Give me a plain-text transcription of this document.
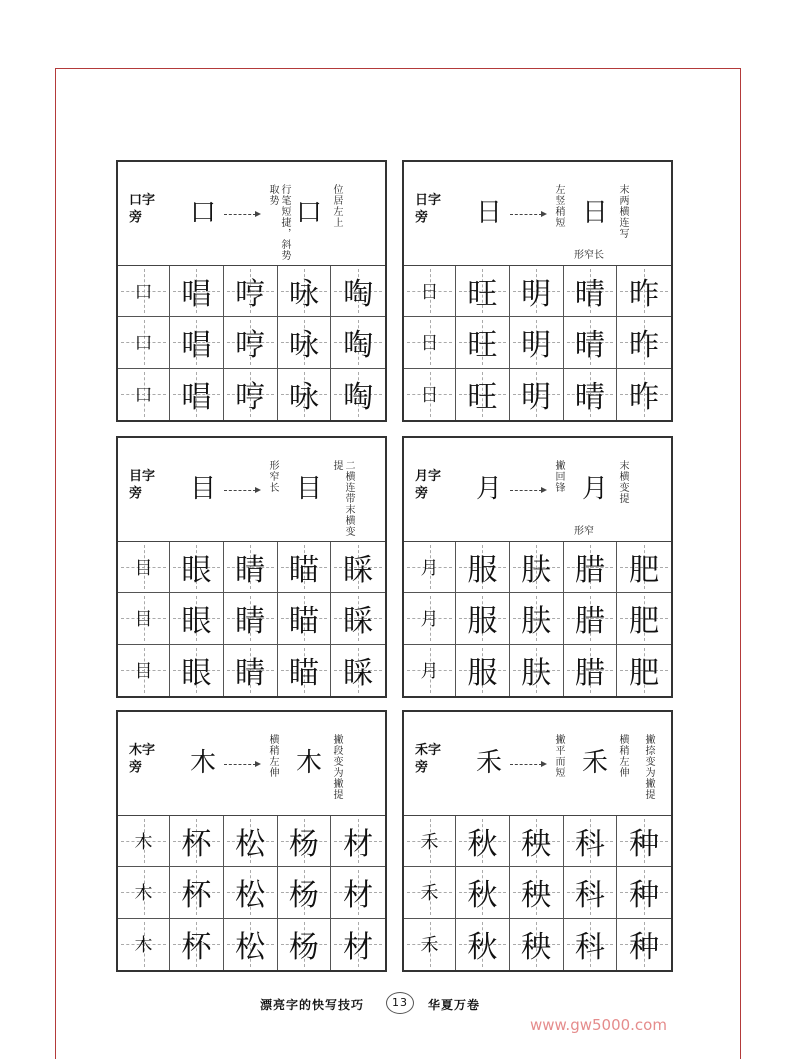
口字旁	口	口
行笔短捷，斜势取势	位居左上
口 唱 哼 咏 啕
口 唱 哼 咏 啕
口 唱 哼 咏 啕
日字旁	日	日
左竖稍短	末两横连写
形窄长
日 旺 明 晴 昨
日 旺 明 晴 昨
日 旺 明 晴 昨
目字旁	目	目
形窄长	二横连带末横变提
目 眼 睛 瞄 睬
目 眼 睛 瞄 睬
目 眼 睛 瞄 睬
月字旁	月	月
撇回锋	末横变提
形窄
月 服 肤 腊 肥
月 服 肤 腊 肥
月 服 肤 腊 肥
木字旁	木	木
横稍左伸	撇段变为撇提
木 杯 松 杨 材
木 杯 松 杨 材
木 杯 松 杨 材
禾字旁	禾	禾
撇平而短	横稍左伸 撇捺变为撇提
禾 秋 秧 科 种
禾 秋 秧 科 种
禾 秋 秧 科 种
漂亮字的快写技巧	13	华夏万卷
www.gw5000.com
